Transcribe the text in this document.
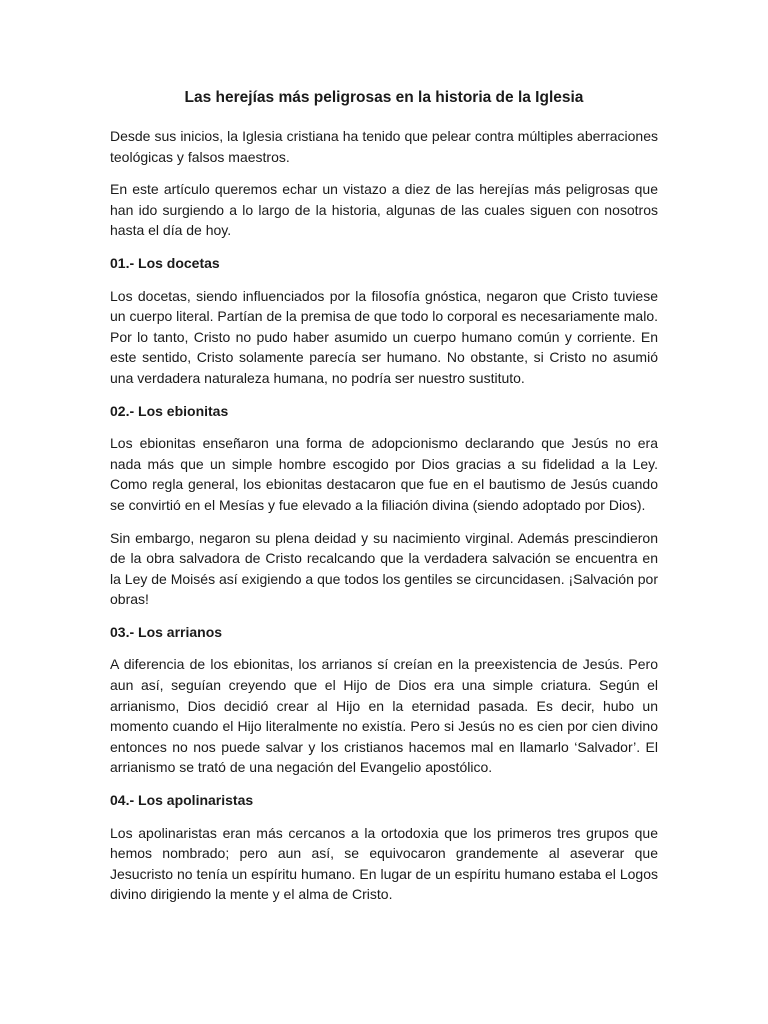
Las herejías más peligrosas en la historia de la Iglesia

Desde sus inicios, la Iglesia cristiana ha tenido que pelear contra múltiples aberraciones teológicas y falsos maestros.

En este artículo queremos echar un vistazo a diez de las herejías más peligrosas que han ido surgiendo a lo largo de la historia, algunas de las cuales siguen con nosotros hasta el día de hoy.

01.- Los docetas

Los docetas, siendo influenciados por la filosofía gnóstica, negaron que Cristo tuviese un cuerpo literal. Partían de la premisa de que todo lo corporal es necesariamente malo. Por lo tanto, Cristo no pudo haber asumido un cuerpo humano común y corriente. En este sentido, Cristo solamente parecía ser humano. No obstante, si Cristo no asumió una verdadera naturaleza humana, no podría ser nuestro sustituto.

02.- Los ebionitas

Los ebionitas enseñaron una forma de adopcionismo declarando que Jesús no era nada más que un simple hombre escogido por Dios gracias a su fidelidad a la Ley. Como regla general, los ebionitas destacaron que fue en el bautismo de Jesús cuando se convirtió en el Mesías y fue elevado a la filiación divina (siendo adoptado por Dios).

Sin embargo, negaron su plena deidad y su nacimiento virginal. Además prescindieron de la obra salvadora de Cristo recalcando que la verdadera salvación se encuentra en la Ley de Moisés así exigiendo a que todos los gentiles se circuncidasen. ¡Salvación por obras!

03.- Los arrianos

A diferencia de los ebionitas, los arrianos sí creían en la preexistencia de Jesús. Pero aun así, seguían creyendo que el Hijo de Dios era una simple criatura. Según el arrianismo, Dios decidió crear al Hijo en la eternidad pasada. Es decir, hubo un momento cuando el Hijo literalmente no existía. Pero si Jesús no es cien por cien divino entonces no nos puede salvar y los cristianos hacemos mal en llamarlo ‘Salvador’. El arrianismo se trató de una negación del Evangelio apostólico.

04.- Los apolinaristas

Los apolinaristas eran más cercanos a la ortodoxia que los primeros tres grupos que hemos nombrado; pero aun así, se equivocaron grandemente al aseverar que Jesucristo no tenía un espíritu humano. En lugar de un espíritu humano estaba el Logos divino dirigiendo la mente y el alma de Cristo.
